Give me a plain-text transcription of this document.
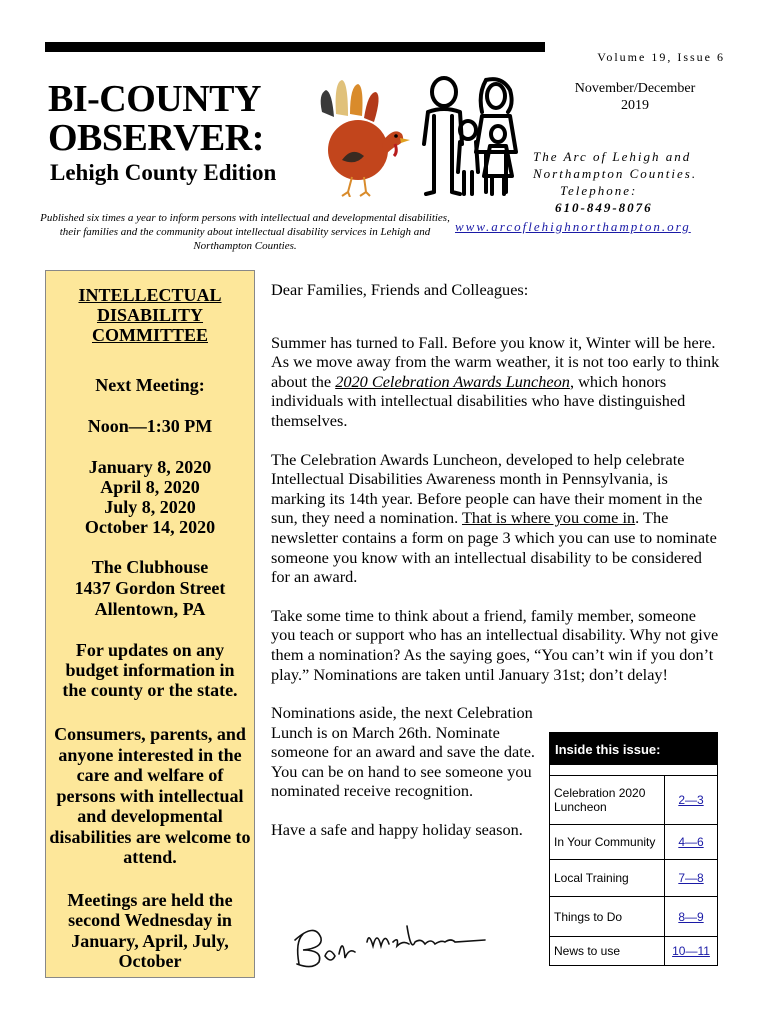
Volume 19, Issue 6
November/December
2019
BI-COUNTY
OBSERVER:
Lehigh County Edition
The Arc of Lehigh and
Northampton Counties.
Telephone:
610-849-8076
www.arcoflehighnorthampton.org
Published six times a year to inform persons with intellectual and developmental disabilities, their families and the community about intellectual disability services in Lehigh and Northampton Counties.
INTELLECTUAL DISABILITY COMMITTEE
Next Meeting:
Noon—1:30 PM
January 8, 2020
April 8, 2020
July 8, 2020
October 14, 2020
The Clubhouse
1437 Gordon Street
Allentown, PA
For updates on any budget information in the county or the state.
Consumers, parents, and anyone interested in the care and welfare of persons with intellectual and developmental disabilities are welcome to attend.
Meetings are held the second Wednesday in January, April, July, October

Dear Families, Friends and Colleagues:

Summer has turned to Fall. Before you know it, Winter will be here. As we move away from the warm weather, it is not too early to think about the 2020 Celebration Awards Luncheon, which honors individuals with intellectual disabilities who have distinguished themselves.

The Celebration Awards Luncheon, developed to help celebrate Intellectual Disabilities Awareness month in Pennsylvania, is marking its 14th year. Before people can have their moment in the sun, they need a nomination. That is where you come in. The newsletter contains a form on page 3 which you can use to nominate someone you know with an intellectual disability to be considered for an award.

Take some time to think about a friend, family member, someone you teach or support who has an intellectual disability. Why not give them a nomination? As the saying goes, “You can’t win if you don’t play.” Nominations are taken until January 31st; don’t delay!

Nominations aside, the next Celebration Lunch is on March 26th. Nominate someone for an award and save the date. You can be on hand to see someone you nominated receive recognition.

Have a safe and happy holiday season.

Inside this issue:
Celebration 2020 Luncheon	2—3
In Your Community	4—6
Local Training	7—8
Things to Do	8—9
News to use	10—11
